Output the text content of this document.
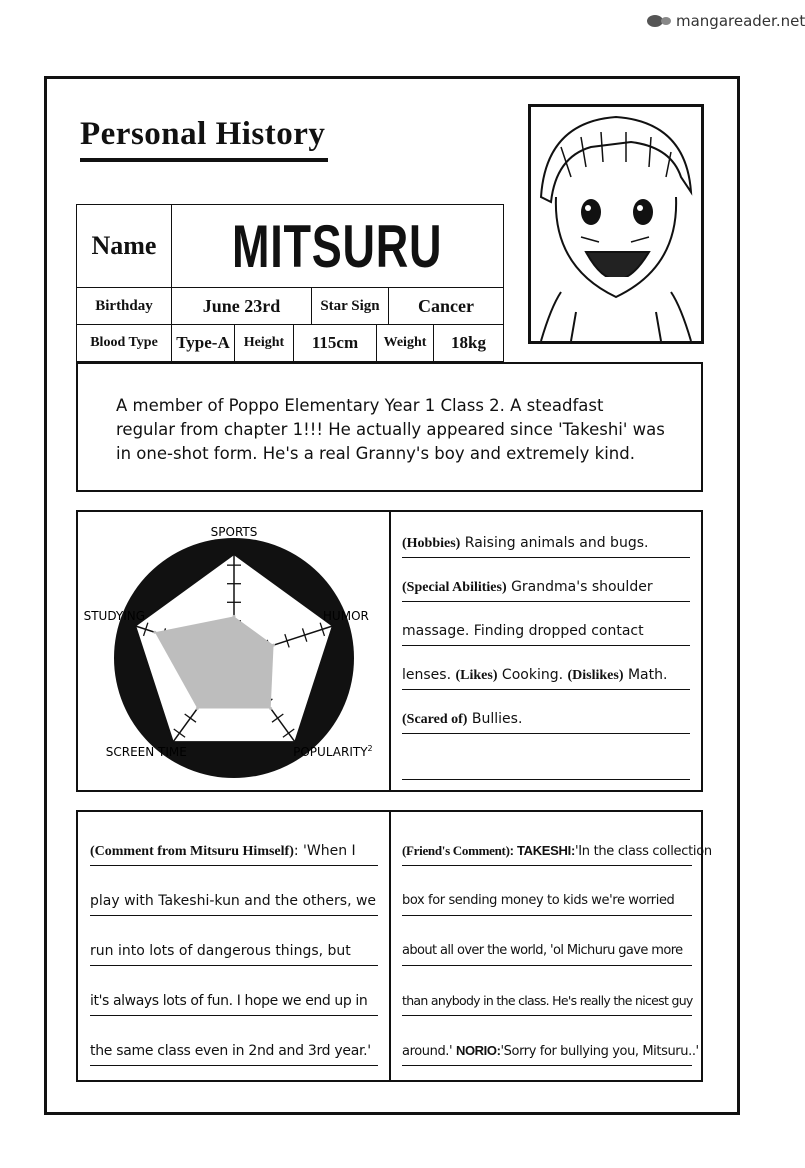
mangareader.net
Personal History
Name MITSURU
Birthday	June 23rd	Star Sign Cancer
Blood Type Type-A Height 115cm Weight 18kg
A member of Poppo Elementary Year 1 Class 2. A steadfast
regular from chapter 1!!! He actually appeared since 'Takeshi' was
in one-shot form. He's a real Granny's boy and extremely kind.
SPORTS
HUMOR
POPULARITY$^2$
SCREEN TIME
STUDYING
(Hobbies) Raising animals and bugs.
(Special Abilities) Grandma's shoulder
massage. Finding dropped contact
lenses. (Likes) Cooking. (Dislikes) Math.
(Scared of) Bullies.
(Comment from Mitsuru Himself): 'When I
play with Takeshi-kun and the others, we
run into lots of dangerous things, but
it's always lots of fun. I hope we end up in
the same class even in 2nd and 3rd year.'
(Friend's Comment): TAKESHI:'In the class collection
box for sending money to kids we're worried
about all over the world, 'ol Michuru gave more
than anybody in the class. He's really the nicest guy
around.' NORIO:'Sorry for bullying you, Mitsuru..'
